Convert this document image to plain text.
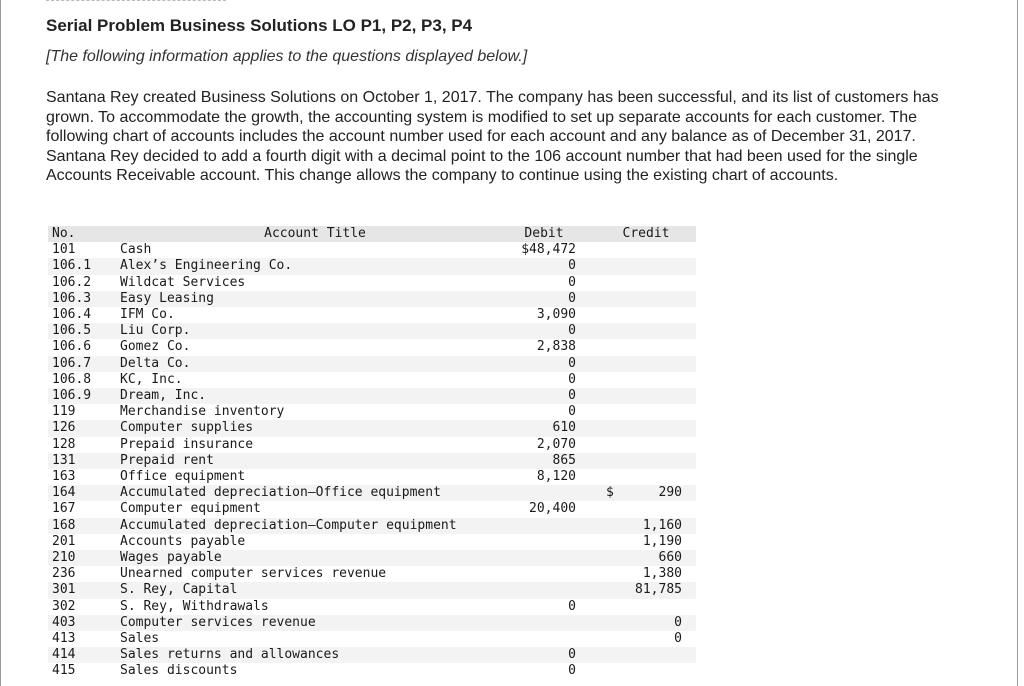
Serial Problem Business Solutions LO P1, P2, P3, P4
[The following information applies to the questions displayed below.]

Santana Rey created Business Solutions on October 1, 2017. The company has been successful, and its list of customers has grown. To accommodate the growth, the accounting system is modified to set up separate accounts for each customer. The following chart of accounts includes the account number used for each account and any balance as of December 31, 2017. Santana Rey decided to add a fourth digit with a decimal point to the 106 account number that had been used for the single Accounts Receivable account. This change allows the company to continue using the existing chart of accounts.

No.	Account Title	Debit		Credit
101	Cash	$48,472		
106.1	Alex’s Engineering Co.	0		
106.2	Wildcat Services	0		
106.3	Easy Leasing	0		
106.4	IFM Co.	3,090		
106.5	Liu Corp.	0		
106.6	Gomez Co.	2,838		
106.7	Delta Co.	0		
106.8	KC, Inc.	0		
106.9	Dream, Inc.	0		
119	Merchandise inventory	0		
126	Computer supplies	610		
128	Prepaid insurance	2,070		
131	Prepaid rent	865		
163	Office equipment	8,120		
164	Accumulated depreciation—Office equipment			$ 290
167	Computer equipment	20,400		
168	Accumulated depreciation—Computer equipment			1,160
201	Accounts payable			1,190
210	Wages payable			660
236	Unearned computer services revenue			1,380
301	S. Rey, Capital			81,785
302	S. Rey, Withdrawals	0		
403	Computer services revenue			0
413	Sales			0
414	Sales returns and allowances	0		
415	Sales discounts	0		
